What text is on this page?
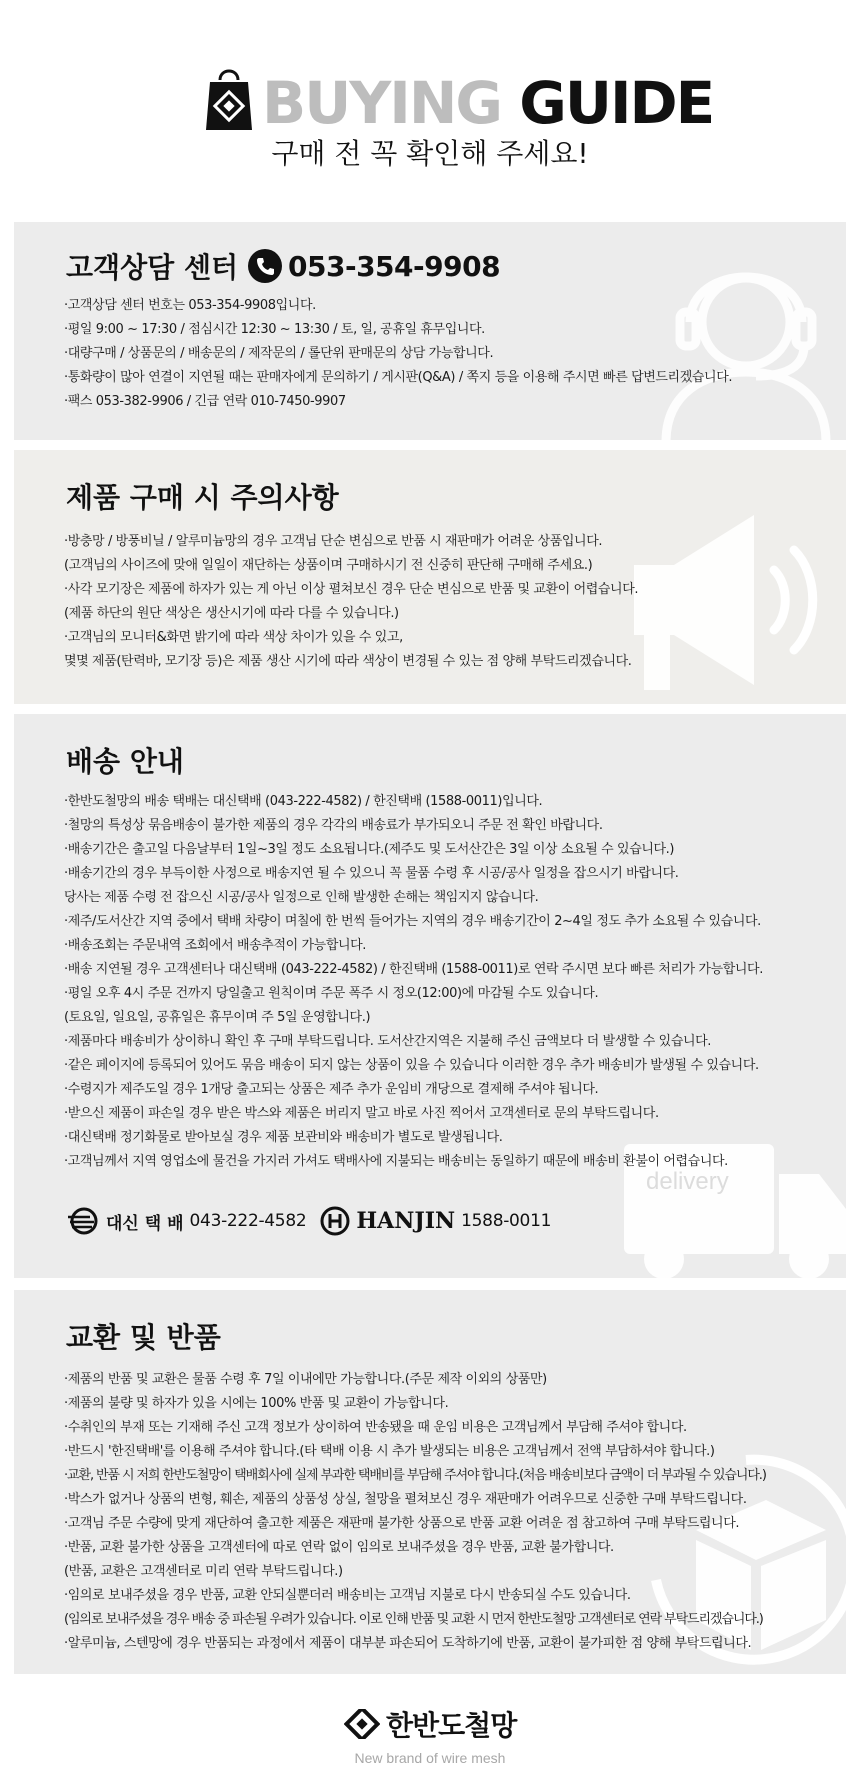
BUYING GUIDE
구매 전 꼭 확인해 주세요!
고객상담 센터 053-354-9908
·고객상담 센터 번호는 053-354-9908입니다.
·평일 9:00 ~ 17:30 / 점심시간 12:30 ~ 13:30 / 토, 일, 공휴일 휴무입니다.
·대량구매 / 상품문의 / 배송문의 / 제작문의 / 롤단위 판매문의 상담 가능합니다.
·통화량이 많아 연결이 지연될 때는 판매자에게 문의하기 / 게시판(Q&A) / 쪽지 등을 이용해 주시면 빠른 답변드리겠습니다.
·팩스 053-382-9906 / 긴급 연락 010-7450-9907
제품 구매 시 주의사항
·방충망 / 방풍비닐 / 알루미늄망의 경우 고객님 단순 변심으로 반품 시 재판매가 어려운 상품입니다.
(고객님의 사이즈에 맞애 일일이 재단하는 상품이며 구매하시기 전 신중히 판단해 구매해 주세요.)
·사각 모기장은 제품에 하자가 있는 게 아닌 이상 펼쳐보신 경우 단순 변심으로 반품 및 교환이 어렵습니다.
(제품 하단의 원단 색상은 생산시기에 따라 다를 수 있습니다.)
·고객님의 모니터&화면 밝기에 따라 색상 차이가 있을 수 있고,
몇몇 제품(탄력바, 모기장 등)은 제품 생산 시기에 따라 색상이 변경될 수 있는 점 양해 부탁드리겠습니다.
delivery
배송 안내
·한반도철망의 배송 택배는 대신택배 (043-222-4582) / 한진택배 (1588-0011)입니다.
·철망의 특성상 묶음배송이 불가한 제품의 경우 각각의 배송료가 부가되오니 주문 전 확인 바랍니다.
·배송기간은 출고일 다음날부터 1일~3일 정도 소요됩니다.(제주도 및 도서산간은 3일 이상 소요될 수 있습니다.)
·배송기간의 경우 부득이한 사정으로 배송지연 될 수 있으니 꼭 물품 수령 후 시공/공사 일정을 잡으시기 바랍니다.
당사는 제품 수령 전 잡으신 시공/공사 일정으로 인해 발생한 손해는 책임지지 않습니다.
·제주/도서산간 지역 중에서 택배 차량이 며칠에 한 번씩 들어가는 지역의 경우 배송기간이 2~4일 정도 추가 소요될 수 있습니다.
·배송조회는 주문내역 조회에서 배송추적이 가능합니다.
·배송 지연될 경우 고객센터나 대신택배 (043-222-4582) / 한진택배 (1588-0011)로 연락 주시면 보다 빠른 처리가 가능합니다.
·평일 오후 4시 주문 건까지 당일출고 원칙이며 주문 폭주 시 정오(12:00)에 마감될 수도 있습니다.
(토요일, 일요일, 공휴일은 휴무이며 주 5일 운영합니다.)
·제품마다 배송비가 상이하니 확인 후 구매 부탁드립니다. 도서산간지역은 지불해 주신 금액보다 더 발생할 수 있습니다.
·같은 페이지에 등록되어 있어도 묶음 배송이 되지 않는 상품이 있을 수 있습니다 이러한 경우 추가 배송비가 발생될 수 있습니다.
·수령지가 제주도일 경우 1개당 출고되는 상품은 제주 추가 운임비 개당으로 결제해 주셔야 됩니다.
·받으신 제품이 파손일 경우 받은 박스와 제품은 버리지 말고 바로 사진 찍어서 고객센터로 문의 부탁드립니다.
·대신택배 정기화물로 받아보실 경우 제품 보관비와 배송비가 별도로 발생됩니다.
·고객님께서 지역 영업소에 물건을 가지러 가셔도 택배사에 지불되는 배송비는 동일하기 때문에 배송비 환불이 어렵습니다.
대신 택 배 043-222-4582 HANJIN 1588-0011
교환 및 반품
·제품의 반품 및 교환은 물품 수령 후 7일 이내에만 가능합니다.(주문 제작 이외의 상품만)
·제품의 불량 및 하자가 있을 시에는 100% 반품 및 교환이 가능합니다.
·수취인의 부재 또는 기재해 주신 고객 정보가 상이하여 반송됐을 때 운임 비용은 고객님께서 부담해 주셔야 합니다.
·반드시 '한진택배'를 이용해 주셔야 합니다.(타 택배 이용 시 추가 발생되는 비용은 고객님께서 전액 부담하셔야 합니다.)
·교환, 반품 시 저희 한반도철망이 택배회사에 실제 부과한 택배비를 부담해 주셔야 합니다.(처음 배송비보다 금액이 더 부과될 수 있습니다.)
·박스가 없거나 상품의 변형, 훼손, 제품의 상품성 상실, 철망을 펼쳐보신 경우 재판매가 어려우므로 신중한 구매 부탁드립니다.
·고객님 주문 수량에 맞게 재단하여 출고한 제품은 재판매 불가한 상품으로 반품 교환 어려운 점 참고하여 구매 부탁드립니다.
·반품, 교환 불가한 상품을 고객센터에 따로 연락 없이 임의로 보내주셨을 경우 반품, 교환 불가합니다.
(반품, 교환은 고객센터로 미리 연락 부탁드립니다.)
·임의로 보내주셨을 경우 반품, 교환 안되실뿐더러 배송비는 고객님 지불로 다시 반송되실 수도 있습니다.
(임의로 보내주셨을 경우 배송 중 파손될 우려가 있습니다. 이로 인해 반품 및 교환 시 먼저 한반도철망 고객센터로 연락 부탁드리겠습니다.)
·알루미늄, 스텐망에 경우 반품되는 과정에서 제품이 대부분 파손되어 도착하기에 반품, 교환이 불가피한 점 양해 부탁드립니다.
한반도철망
New brand of wire mesh
